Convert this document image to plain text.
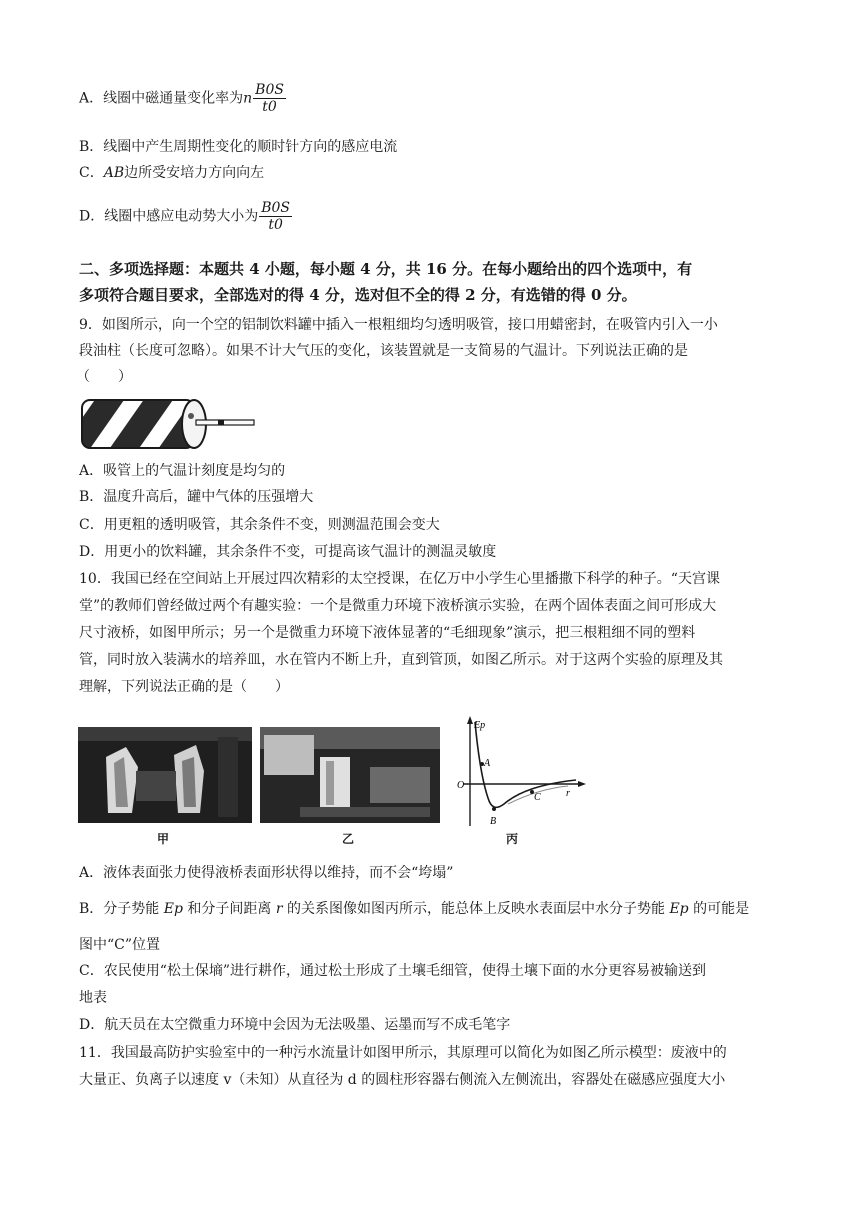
A．线圈中磁通量变化率为n $\frac{B0S}{t0}$
B．线圈中产生周期性变化的顺时针方向的感应电流
C．AB边所受安培力方向向左
D．线圈中感应电动势大小为 $\frac{B0S}{t0}$
二、多项选择题：本题共 4 小题，每小题 4 分，共 16 分。在每小题给出的四个选项中，有
多项符合题目要求，全部选对的得 4 分，选对但不全的得 2 分，有选错的得 0 分。
9．如图所示，向一个空的铝制饮料罐中插入一根粗细均匀透明吸管，接口用蜡密封，在吸管内引入一小
段油柱（长度可忽略）。如果不计大气压的变化，该装置就是一支简易的气温计。下列说法正确的是
（　　）
A．吸管上的气温计刻度是均匀的
B．温度升高后，罐中气体的压强增大
C．用更粗的透明吸管，其余条件不变，则测温范围会变大
D．用更小的饮料罐，其余条件不变，可提高该气温计的测温灵敏度
10．我国已经在空间站上开展过四次精彩的太空授课，在亿万中小学生心里播撒下科学的种子。“天宫课
堂”的教师们曾经做过两个有趣实验：一个是微重力环境下液桥演示实验，在两个固体表面之间可形成大
尺寸液桥，如图甲所示；另一个是微重力环境下液体显著的“毛细现象”演示，把三根粗细不同的塑料
管，同时放入装满水的培养皿，水在管内不断上升，直到管顶，如图乙所示。对于这两个实验的原理及其
理解，下列说法正确的是（　　）
甲	乙
Ep
O
r
A
B
C
丙
A．液体表面张力使得液桥表面形状得以维持，而不会“垮塌”
B．分子势能 Ep 和分子间距离 r 的关系图像如图丙所示，能总体上反映水表面层中水分子势能 Ep 的可能是
图中“C”位置
C．农民使用“松土保墒”进行耕作，通过松土形成了土壤毛细管，使得土壤下面的水分更容易被输送到
地表
D．航天员在太空微重力环境中会因为无法吸墨、运墨而写不成毛笔字
11．我国最高防护实验室中的一种污水流量计如图甲所示，其原理可以简化为如图乙所示模型：废液中的
大量正、负离子以速度 v（未知）从直径为 d 的圆柱形容器右侧流入左侧流出，容器处在磁感应强度大小
